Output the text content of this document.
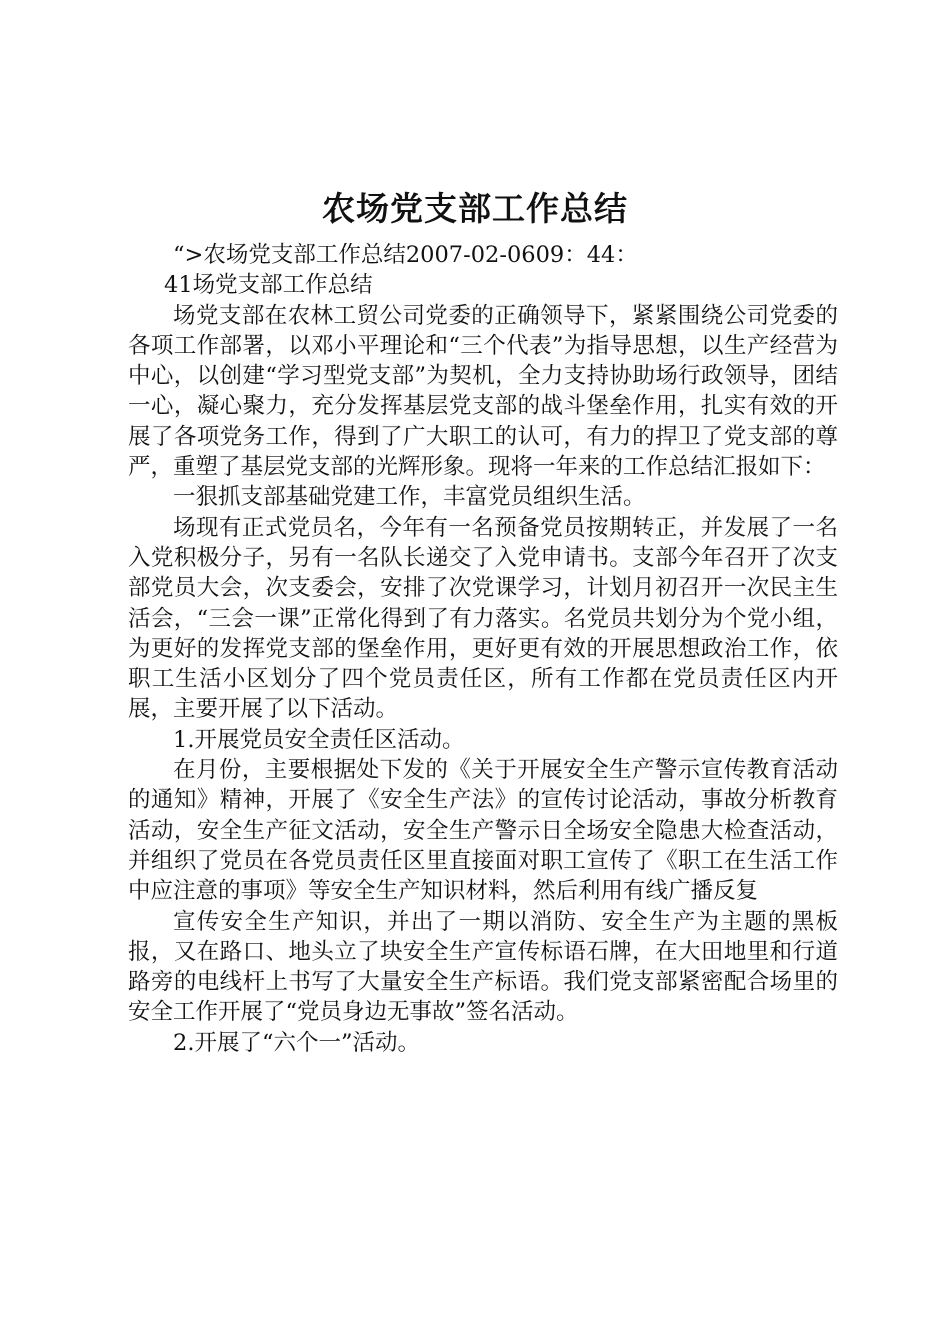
农场党支部工作总结

“>农场党支部工作总结2007-02-0609：44：

41场党支部工作总结

场党支部在农林工贸公司党委的正确领导下，紧紧围绕公司党委的各项工作部署，以邓小平理论和“三个代表”为指导思想，以生产经营为中心，以创建“学习型党支部”为契机，全力支持协助场行政领导，团结一心，凝心聚力，充分发挥基层党支部的战斗堡垒作用，扎实有效的开展了各项党务工作，得到了广大职工的认可，有力的捍卫了党支部的尊严，重塑了基层党支部的光辉形象。现将一年来的工作总结汇报如下：

一狠抓支部基础党建工作，丰富党员组织生活。

场现有正式党员名，今年有一名预备党员按期转正，并发展了一名入党积极分子，另有一名队长递交了入党申请书。支部今年召开了次支部党员大会，次支委会，安排了次党课学习，计划月初召开一次民主生活会，“三会一课”正常化得到了有力落实。名党员共划分为个党小组，为更好的发挥党支部的堡垒作用，更好更有效的开展思想政治工作，依职工生活小区划分了四个党员责任区，所有工作都在党员责任区内开展，主要开展了以下活动。

1.开展党员安全责任区活动。

在月份，主要根据处下发的《关于开展安全生产警示宣传教育活动的通知》精神，开展了《安全生产法》的宣传讨论活动，事故分析教育活动，安全生产征文活动，安全生产警示日全场安全隐患大检查活动，并组织了党员在各党员责任区里直接面对职工宣传了《职工在生活工作中应注意的事项》等安全生产知识材料，然后利用有线广播反复

宣传安全生产知识，并出了一期以消防、安全生产为主题的黑板报，又在路口、地头立了块安全生产宣传标语石牌，在大田地里和行道路旁的电线杆上书写了大量安全生产标语。我们党支部紧密配合场里的安全工作开展了“党员身边无事故”签名活动。

2.开展了“六个一”活动。
